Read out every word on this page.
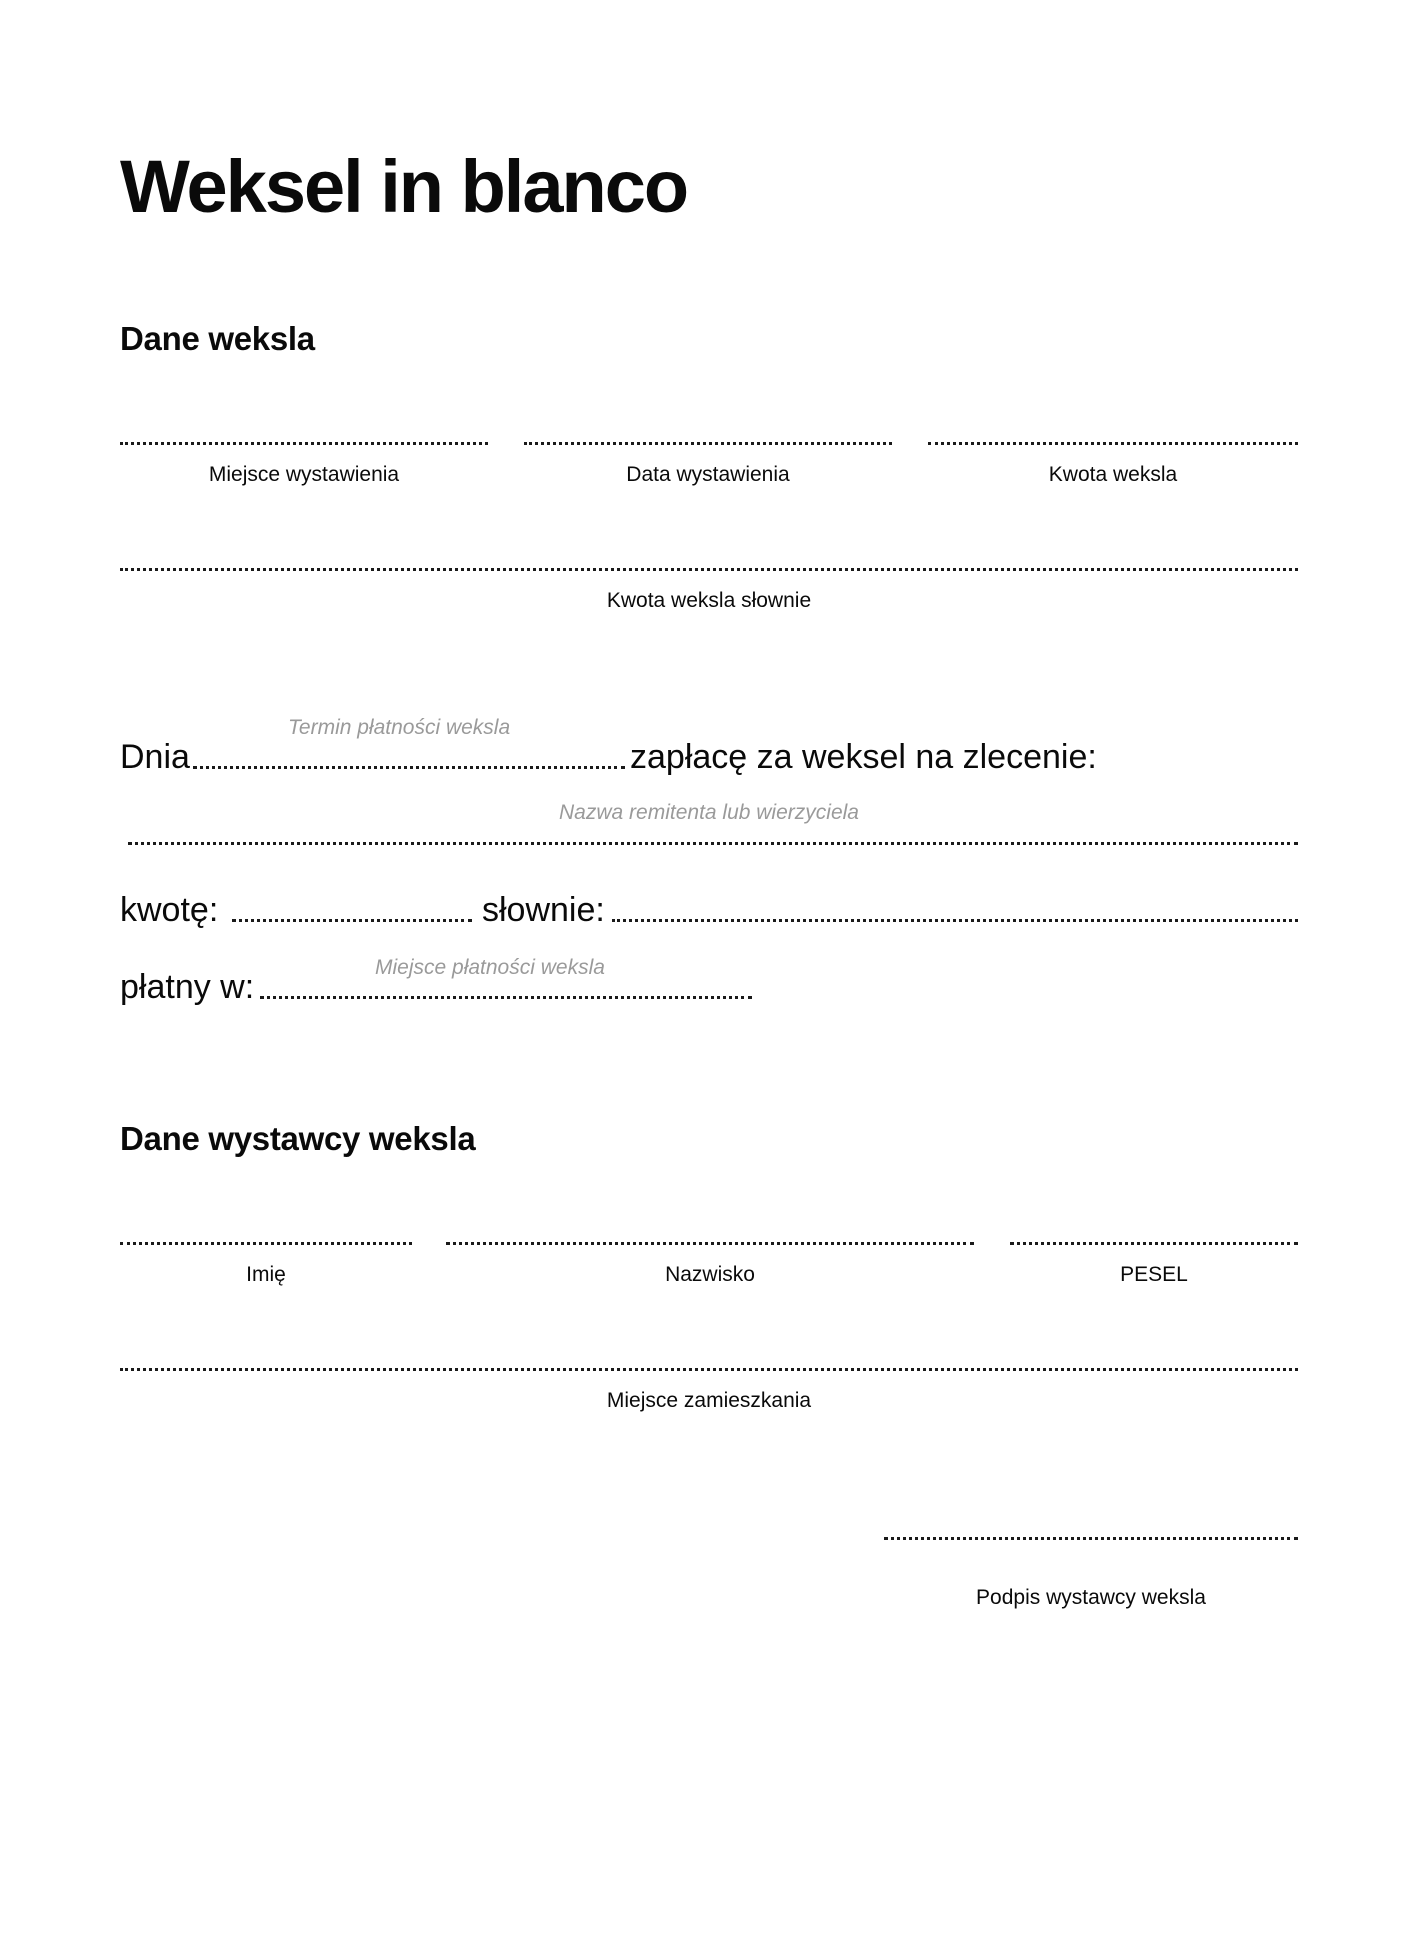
Weksel in blanco
Dane weksla
Miejsce wystawienia	Data wystawienia	Kwota weksla
Kwota weksla słownie
Termin płatności weksla
Dnia	zapłacę za weksel na zlecenie:
Nazwa remitenta lub wierzyciela
kwotę:	słownie:
Miejsce płatności weksla
płatny w:
Dane wystawcy weksla
Imię	Nazwisko	PESEL
Miejsce zamieszkania
Podpis wystawcy weksla
